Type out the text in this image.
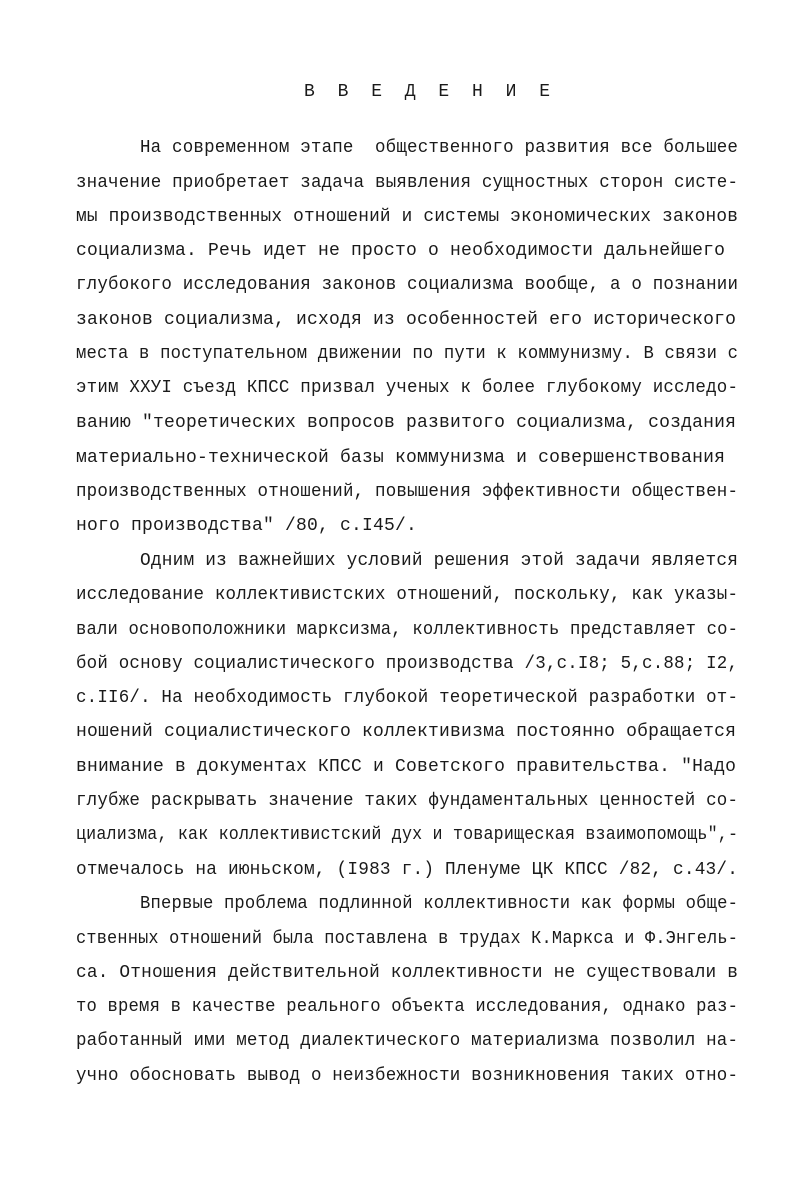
В В Е Д Е Н И Е
На современном этапе  общественного развития все большее
значение приобретает задача выявления сущностных сторон систе-
мы производственных отношений и системы экономических законов
социализма. Речь идет не просто о необходимости дальнейшего
глубокого исследования законов социализма вообще, а о познании
законов социализма, исходя из особенностей его исторического
места в поступательном движении по пути к коммунизму. В связи с
этим XXУI съезд КПСС призвал ученых к более глубокому исследо-
ванию "теоретических вопросов развитого социализма, создания
материально-технической базы коммунизма и совершенствования
производственных отношений, повышения эффективности обществен-
ного производства" /80, с.I45/.
Одним из важнейших условий решения этой задачи является
исследование коллективистских отношений, поскольку, как указы-
вали основоположники марксизма, коллективность представляет со-
бой основу социалистического производства /3,с.I8; 5,с.88; I2,
с.II6/. На необходимость глубокой теоретической разработки от-
ношений социалистического коллективизма постоянно обращается
внимание в документах КПСС и Советского правительства. "Надо
глубже раскрывать значение таких фундаментальных ценностей со-
циализма, как коллективистский дух и товарищеская взаимопомощь",-
отмечалось на июньском, (I983 г.) Пленуме ЦК КПСС /82, с.43/.
Впервые проблема подлинной коллективности как формы обще-
ственных отношений была поставлена в трудах К.Маркса и Ф.Энгель-
са. Отношения действительной коллективности не существовали в
то время в качестве реального объекта исследования, однако раз-
работанный ими метод диалектического материализма позволил на-
учно обосновать вывод о неизбежности возникновения таких отно-
